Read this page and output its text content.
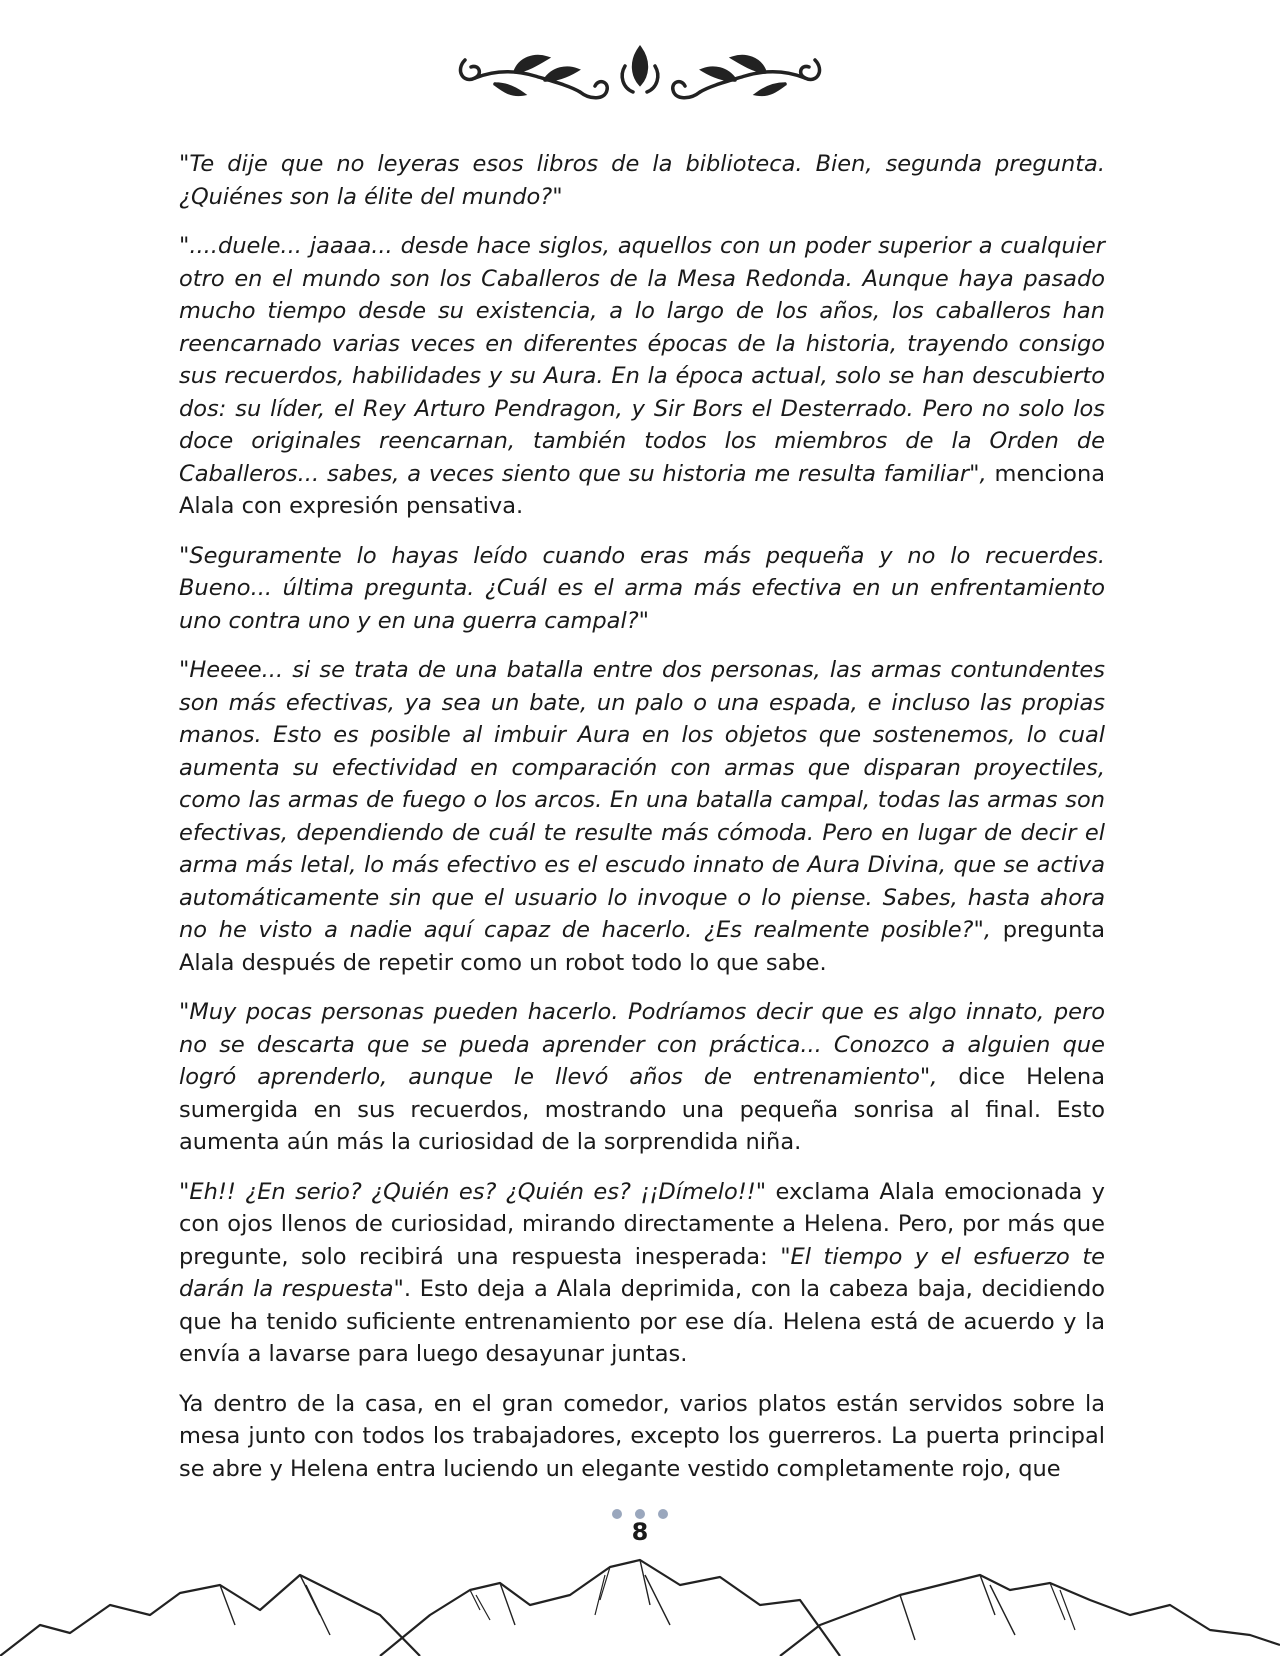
"Te dije que no leyeras esos libros de la biblioteca. Bien, segunda pregunta. ¿Quiénes son la élite del mundo?"

"....duele... jaaaa... desde hace siglos, aquellos con un poder superior a cualquier otro en el mundo son los Caballeros de la Mesa Redonda. Aunque haya pasado mucho tiempo desde su existencia, a lo largo de los años, los caballeros han reencarnado varias veces en diferentes épocas de la historia, trayendo consigo sus recuerdos, habilidades y su Aura. En la época actual, solo se han descubierto dos: su líder, el Rey Arturo Pendragon, y Sir Bors el Desterrado. Pero no solo los doce originales reencarnan, también todos los miembros de la Orden de Caballeros... sabes, a veces siento que su historia me resulta familiar", menciona Alala con expresión pensativa.

"Seguramente lo hayas leído cuando eras más pequeña y no lo recuerdes. Bueno... última pregunta. ¿Cuál es el arma más efectiva en un enfrentamiento uno contra uno y en una guerra campal?"

"Heeee... si se trata de una batalla entre dos personas, las armas contundentes son más efectivas, ya sea un bate, un palo o una espada, e incluso las propias manos. Esto es posible al imbuir Aura en los objetos que sostenemos, lo cual aumenta su efectividad en comparación con armas que disparan proyectiles, como las armas de fuego o los arcos. En una batalla campal, todas las armas son efectivas, dependiendo de cuál te resulte más cómoda. Pero en lugar de decir el arma más letal, lo más efectivo es el escudo innato de Aura Divina, que se activa automáticamente sin que el usuario lo invoque o lo piense. Sabes, hasta ahora no he visto a nadie aquí capaz de hacerlo. ¿Es realmente posible?", pregunta Alala después de repetir como un robot todo lo que sabe.

"Muy pocas personas pueden hacerlo. Podríamos decir que es algo innato, pero no se descarta que se pueda aprender con práctica... Conozco a alguien que logró aprenderlo, aunque le llevó años de entrenamiento", dice Helena sumergida en sus recuerdos, mostrando una pequeña sonrisa al final. Esto aumenta aún más la curiosidad de la sorprendida niña.

"Eh!! ¿En serio? ¿Quién es? ¿Quién es? ¡¡Dímelo!!" exclama Alala emocionada y con ojos llenos de curiosidad, mirando directamente a Helena. Pero, por más que pregunte, solo recibirá una respuesta inesperada: "El tiempo y el esfuerzo te darán la respuesta". Esto deja a Alala deprimida, con la cabeza baja, decidiendo que ha tenido suficiente entrenamiento por ese día. Helena está de acuerdo y la envía a lavarse para luego desayunar juntas.

Ya dentro de la casa, en el gran comedor, varios platos están servidos sobre la mesa junto con todos los trabajadores, excepto los guerreros. La puerta principal se abre y Helena entra luciendo un elegante vestido completamente rojo, que

8
